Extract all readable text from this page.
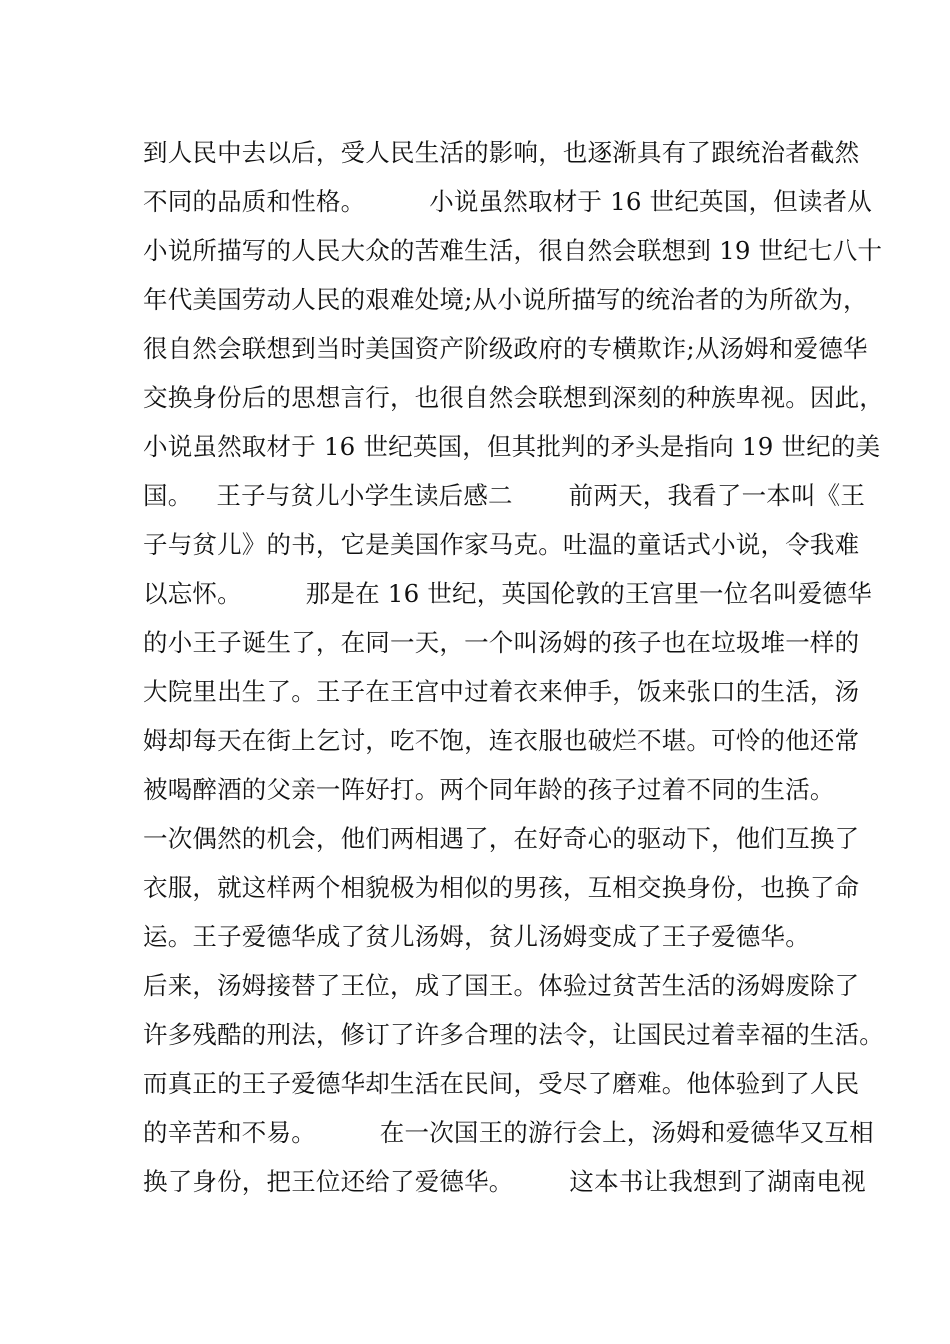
到人民中去以后，受人民生活的影响，也逐渐具有了跟统治者截然
不同的品质和性格。        小说虽然取材于 16 世纪英国，但读者从
小说所描写的人民大众的苦难生活，很自然会联想到 19 世纪七八十
年代美国劳动人民的艰难处境;从小说所描写的统治者的为所欲为，
很自然会联想到当时美国资产阶级政府的专横欺诈;从汤姆和爱德华
交换身份后的思想言行，也很自然会联想到深刻的种族卑视。因此，
小说虽然取材于 16 世纪英国，但其批判的矛头是指向 19 世纪的美
国。   王子与贫儿小学生读后感二       前两天，我看了一本叫《王
子与贫儿》的书，它是美国作家马克。吐温的童话式小说，令我难
以忘怀。        那是在 16 世纪，英国伦敦的王宫里一位名叫爱德华
的小王子诞生了，在同一天，一个叫汤姆的孩子也在垃圾堆一样的
大院里出生了。王子在王宫中过着衣来伸手，饭来张口的生活，汤
姆却每天在街上乞讨，吃不饱，连衣服也破烂不堪。可怜的他还常
被喝醉酒的父亲一阵好打。两个同年龄的孩子过着不同的生活。
一次偶然的机会，他们两相遇了，在好奇心的驱动下，他们互换了
衣服，就这样两个相貌极为相似的男孩，互相交换身份，也换了命
运。王子爱德华成了贫儿汤姆，贫儿汤姆变成了王子爱德华。
后来，汤姆接替了王位，成了国王。体验过贫苦生活的汤姆废除了
许多残酷的刑法，修订了许多合理的法令，让国民过着幸福的生活。
而真正的王子爱德华却生活在民间，受尽了磨难。他体验到了人民
的辛苦和不易。        在一次国王的游行会上，汤姆和爱德华又互相
换了身份，把王位还给了爱德华。       这本书让我想到了湖南电视
